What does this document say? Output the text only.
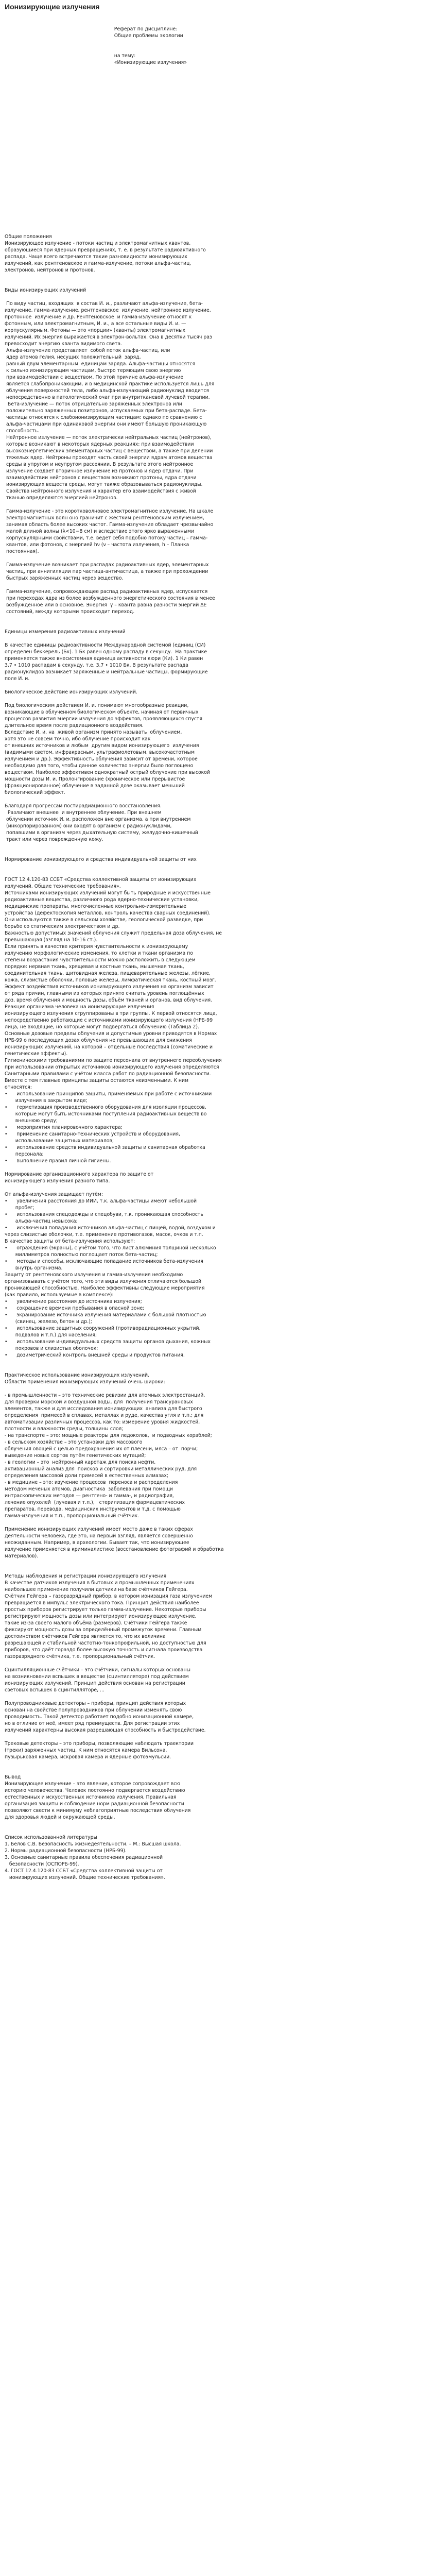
Ионизирующие излучения

Реферат по дисциплине:

Общие проблемы экологии

на тему:

«Ионизирующие излучения»

Общие положения

Ионизирующее излучение - потоки частиц и электромагнитных квантов,

образующиеся при ядерных превращениях, т. е. в результате радиоактивного

распада. Чаще всего встречаются такие разновидности ионизирующих

излучений, как рентгеновское и гамма-излучение, потоки альфа-частиц,

электронов, нейтронов и протонов.

Виды ионизирующих излучений

По виду частиц, входящих  в состав И. и., различают альфа-излучение, бета-

излучение, гамма-излучение, рентгеновское  излучение, нейтронное излучение,

протонное  излучение и др. Рентгеновское  и гамма-излучение относят к

фотонным, или электромагнитным, И. и., а все остальные виды И. и. —

корпускулярным. Фотоны — это «порции» (кванты) электромагнитных

излучений. Их энергия выражается в электрон-вольтах. Она в десятки тысяч раз

превосходит энергию кванта видимого света.

Альфа-излучение представляет  собой поток альфа-частиц, или

ядер атомов гелия, несущих положительный  заряд,

равный двум элементарным  единицам заряда. Альфа-частицы относятся

к сильно ионизирующим частицам, быстро теряющим свою энергию

при взаимодействии с веществом. По этой причине альфа-излучение

является слабопроникающим, и в медицинской практике используется лишь для

облучения поверхностей тела, либо альфа-излучающий радионуклид вводится

непосредственно в патологический очаг при внутритканевой лучевой терапии.

Бета-излучение — поток отрицательно заряженных электронов или

положительно заряженных позитронов, испускаемых при бета-распаде. Бета-

частицы относятся к слабоионизирующим частицам: однако по сравнению с

альфа-частицами при одинаковой энергии они имеют большую проникающую

способность.

Нейтронное излучение — поток электрически нейтральных частиц (нейтронов),

которые возникают в некоторых ядерных реакциях: при взаимодействии

высокоэнергетических элементарных частиц с веществом, а также при делении

тяжелых ядер. Нейтроны проходят часть своей энергии ядрам атомов вещества

среды в упругом и неупругом рассеянии. В результате этого нейтронное

излучение создает вторичное излучение из протонов и ядер отдачи. При

взаимодействии нейтронов с веществом возникают протоны, ядра отдачи

ионизирующих веществ среды, могут также образовываться радионуклиды.

Свойства нейтронного излучения и характер его взаимодействия с живой

тканью определяются энергией нейтронов.

Гамма-излучение - это коротковолновое электромагнитное излучение. На шкале

электромагнитных волн оно граничит с жестким рентгеновским излучением,

занимая область более высоких частот. Гамма-излучение обладает чрезвычайно

малой длиной волны (λ<10−8 см) и вследствие этого ярко выраженными

корпускулярными свойствами, т.е. ведет себя подобно потоку частиц – гамма-

квантов, или фотонов, с энергией hν (ν – частота излучения, h – Планка

постоянная).

Гамма-излучение возникает при распадах радиоактивных ядер, элементарных

частиц, при аннигиляции пар частица-античастица, а также при прохождении

быстрых заряженных частиц через вещество.

Гамма-излучение, сопровождающее распад радиоактивных ядер, испускается

при переходах ядра из более возбужденного энергетического состояния в менее

возбужденное или в основное. Энергия  γ – кванта равна разности энергий ΔЕ

состояний, между которыми происходит переход.

Единицы измерения радиоактивных излучений

В качестве единицы радиоактивности Международной системой (единиц (СИ)

определен беккерель (Бк). 1 Бк равен одному распаду в секунду.  На практике

применяется также внесистемная единица активности кюри (Ки). 1 Ки равен

3,7 • 1010 распадам в секунду, т.е. 3,7 • 1010 Бк. В результате распада

радионуклидов возникает заряженные и нейтральные частицы, формирующие

поле И. и.

Биологическое действие ионизирующих излучений.

Под биологическим действием И. и. понимают многообразные реакции,

возникающие в облученном биологическом объекте, начиная от первичных

процессов развития энергии излучения до эффектов, проявляющихся спустя

длительное время после радиационного воздействия.

Вследствие И. и. на  живой организм принято называть  облучением,

хотя это не совсем точно, ибо облучение происходит как

от внешних источников и любым  другим видом ионизирующего  излучения

(видимыми светом, инфракрасным, ультрафиолетовым, высокочастотным

излучением и др.). Эффективность облучения зависит от времени, которое

необходимо для того, чтобы данное количество энергии было поглощено

веществом. Наиболее эффективен однократный острый облучение при высокой

мощности дозы И. и. Пролонгирование (хроническое или прерывистое

(фракционированное) облучение в заданной дозе оказывает меньший

биологический эффект.

Благодаря прогрессам постирадиационного восстановления.

Различают внешнее  и внутреннее облучение. При внешнем

облучении источник И. и. расположен вне организма, а при внутреннем

(инкорпорированном) они входят в организм с радионуклидами,

попавшими в организм через дыхательную систему, желудочно-кишечный

тракт или через поврежденную кожу.

Нормирование ионизирующего и средства индивидуальной защиты от них

ГОСТ 12.4.120-83 ССБТ «Средства коллективной защиты от ионизирующих

излучений. Общие технические требования».

Источниками ионизирующих излучений могут быть природные и искусственные

радиоактивные вещества, различного рода ядерно-технические установки,

медицинские препараты, многочисленные контрольно-измерительные

устройства (дефектоскопия металлов, контроль качества сварных соединений).

Они используются также в сельском хозяйстве, геологической разведке, при

борьбе со статическим электричеством и др.

Важностью допустимых значений облучения служит предельная доза облучения, не

превышающая (взгляд на 10-16 ст.).

Если принять в качестве критерия чувствительности к ионизирующему

излучению морфологические изменения, то клетки и ткани организма по

степени возрастания чувствительности можно расположить в следующем

порядке: нервная ткань, хрящевая и костные ткань, мышечная ткань,

соединительная ткань, щитовидная железа, пищеварительные железы, лёгкие,

кожа, слизистые оболочки, половые железы, лимфатическая ткань, костный мозг.

Эффект воздействия источников ионизирующего излучения на организм зависит

от ряда причин, главными из которых принято считать уровень поглощённых

доз, время облучения и мощность дозы, объём тканей и органов, вид облучения.

Реакция организма человека на ионизирующие излучения

ионизирующего излучения сгруппированы в три группы. К первой относятся лица,

непосредственно работающие с источниками ионизирующего излучения (НРБ-99

лица, не входящие, но которые могут подвергаться облучению (Таблица 2).

Основные дозовые пределы облучения и допустимые уровни приводятся в Нормах

НРБ-99 о последующих дозах облучения не превышающих для снижения

ионизирующих излучений, на которой – отдельные последствия (соматические и

генетические эффекты).

Гигиеническими требованиями по защите персонала от внутреннего переоблучения

при использовании открытых источников ионизирующего излучения определяются

Санитарными правилами с учётом класса работ по радиационной безопасности.

Вместе с тем главные принципы защиты остаются неизменными. К ним

относятся:

•      использование принципов защиты, применяемых при работе с источниками

излучения в закрытом виде;

•      герметизация производственного оборудования для изоляции процессов,

которые могут быть источниками поступления радиоактивных веществ во

внешнюю среду;

•      мероприятия планировочного характера;

•      применение санитарно-технических устройств и оборудования,

использование защитных материалов;

•      использование средств индивидуальной защиты и санитарная обработка

персонала;

•      выполнение правил личной гигиены.

Нормирование организационного характера по защите от

ионизирующего излучения разного типа.

От альфа-излучения защищает путём:

•      увеличения расстояния до ИИИ, т.к. альфа-частицы имеют небольшой

пробег;

•      использования спецодежды и спецобуви, т.к. проникающая способность

альфа-частиц невысока;

•      исключения попадания источников альфа-частиц с пищей, водой, воздухом и

через слизистые оболочки, т.е. применение противогазов, масок, очков и т.п.

В качестве защиты от бета-излучения используют:

•      ограждения (экраны), с учётом того, что лист алюминия толщиной несколько

миллиметров полностью поглощает поток бета-частиц;

•      методы и способы, исключающие попадание источников бета-излучения

внутрь организма.

Защиту от рентгеновского излучения и гамма-излучения необходимо

организовывать с учётом того, что эти виды излучения отличаются большой

проникающей способностью. Наиболее эффективны следующие мероприятия

(как правило, используемые в комплексе):

•      увеличение расстояния до источника излучения;

•      сокращение времени пребывания в опасной зоне;

•      экранирование источника излучения материалами с большой плотностью

(свинец, железо, бетон и др.);

•      использование защитных сооружений (противорадиационных укрытий,

подвалов и т.п.) для населения;

•      использование индивидуальных средств защиты органов дыхания, кожных

покровов и слизистых оболочек;

•      дозиметрический контроль внешней среды и продуктов питания.

Практическое использование ионизирующих излучений.

Области применения ионизирующих излучений очень широки:

- в промышленности – это технические ревизии для атомных электростанций,

для проверки морской и воздушной воды, для  получения трансурановых

элементов, также и для исследования ионизирующих  анализа для быстрого

определения  примесей в сплавах, металлах и руде, качества угля и т.п.; для

автоматизации различных процессов, как то: измерение уровня жидкостей,

плотности и влажности среды, толщины слоя;

- на транспорте – это: мощные реакторы для ледоколов,  и подводных кораблей;

- в сельском хозяйстве – это установки для массового

облучения овощей с целью предохранения их от плесени, мяса – от  порчи;

выведение новых сортов путём генетических мутаций;

- в геологии – это  нейтронный каротаж для поиска нефти,

активационный анализ для  поисков и сортировки металлических руд, для

определения массовой доли примесей в естественных алмазах;

- в медицине – это: изучение процессов  переноса и распределения

методом меченых атомов, диагностика  заболевания при помощи

интраскопических методов — рентгено- и гамма-, и радиография,

лечение опухолей  (лучевая и т.п.),   стерилизация фармацевтических

препаратов, перевода, медицинских инструментов и т.д. с помощью

гамма-излучения и т.п., пропорциональный счётчик.

Применение ионизирующих излучений имеет место даже в таких сферах

деятельности человека, где это, на первый взгляд, является совершенно

неожиданным. Например, в археологии. Бывает так, что ионизирующее

излучение применяется в криминалистике (восстановление фотографий и обработка

материалов).

Методы наблюдения и регистрации ионизирующего излучения

В качестве датчиков излучения в бытовых и промышленных применениях

наибольшее применение получили датчики на базе счётчиков Гейгера.

Счётчик Гейгера – газоразрядный прибор, в котором ионизация газа излучением

превращается в импульс электрического тока. Принцип действия наиболее

простых приборов регистрирует только гамма-излучение. Некоторые приборы

регистрируют мощность дозы или интегрируют ионизирующее излучение,

такие из-за своего малого объёма (размеров). Счётчики Гейгера также

фиксируют мощность дозы за определённый промежуток времени. Главным

достоинством счётчиков Гейгера является то, что их величина

разрешающей и стабильной частотно-тонкопрофильной, но доступностью для

приборов, что даёт гораздо более высокую точность и сигнала производства

газоразрядного счётчика, т.е. пропорциональный счётчик.

Сцинтилляционные счётчики – это счётчики, сигналы которых основаны

на возникновении вспышек в веществе (сцинтилляторе) под действием

ионизирующих излучений. Принцип действия основан на регистрации

световых вспышек в сцинтилляторе, ...

Полупроводниковые детекторы – приборы, принцип действия которых

основан на свойстве полупроводников при облучении изменять свою

проводимость. Такой детектор работает подобно ионизационной камере,

но в отличие от неё, имеет ряд преимуществ. Для регистрации этих

излучений характерны высокая разрешающая способность и быстродействие.

Трековые детекторы – это приборы, позволяющие наблюдать траектории

(треки) заряженных частиц. К ним относятся камера Вильсона,

пузырьковая камера, искровая камера и ядерные фотоэмульсии.

Вывод

Ионизирующее излучение – это явление, которое сопровождает всю

историю человечества. Человек постоянно подвергается воздействию

естественных и искусственных источников излучения. Правильная

организация защиты и соблюдение норм радиационной безопасности

позволяют свести к минимуму неблагоприятные последствия облучения

для здоровья людей и окружающей среды.

Список использованной литературы

1. Белов С.В. Безопасность жизнедеятельности. – М.: Высшая школа.

2. Нормы радиационной безопасности (НРБ-99).

3. Основные санитарные правила обеспечения радиационной

безопасности (ОСПОРБ-99).

4. ГОСТ 12.4.120-83 ССБТ «Средства коллективной защиты от

ионизирующих излучений. Общие технические требования».
